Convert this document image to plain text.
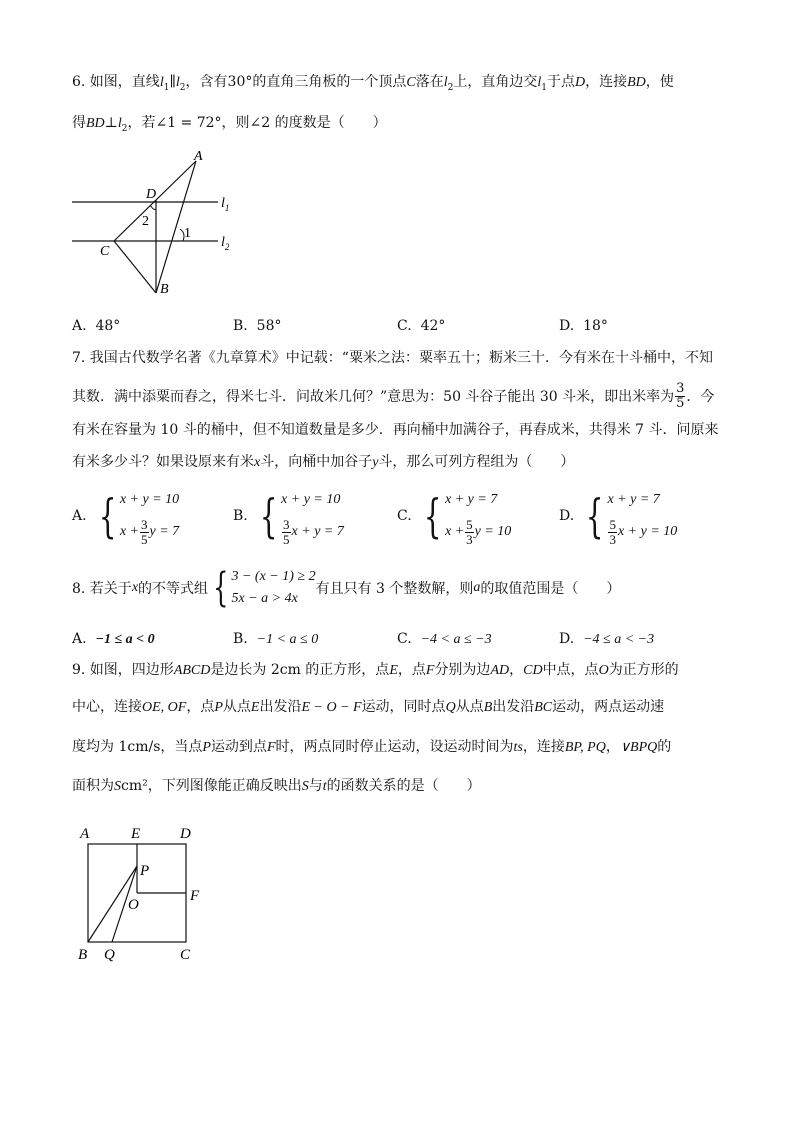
6. 如图，直线$l_1\parallel l_2$，含有30°的直角三角板的一个顶点C落在$l_2$上，直角边交$l_1$于点D，连接BD，使
得$BD\perp l_2$，若∠1 = 72°，则∠2 的度数是（　　）
A
D
2
1
C
B
$l_1$
$l_2$
A. 48°	B. 58°	C. 42°	D. 18°
7. 我国古代数学名著《九章算术》中记载：“粟米之法：粟率五十；粝米三十．今有米在十斗桶中，不知
其数．满中添粟而舂之，得米七斗．问故米几何？”意思为：50 斗谷子能出 30 斗米，即出米率为 $\frac{3}{5}$ ．今
有米在容量为 10 斗的桶中，但不知道数量是多少．再向桶中加满谷子，再舂成米，共得米 7 斗．问原来
有米多少斗？如果设原来有米x斗，向桶中加谷子y斗，那么可列方程组为（　　）
A. { x + y = 10
$x + \frac{3}{5}$ y = 7
B. { x + y = 10
$\frac{3}{5}$ x + y = 7
C. { x + y = 7
$x + \frac{5}{3}$ y = 10
D. { x + y = 7
$\frac{5}{3}$ x + y = 10
8. 若关于 x 的不等式组 { 3 − (x − 1) ≥ 2
5x − a > 4x
有且只有 3 个整数解，则 a 的取值范围是（　　）
A. −1 ≤ a < 0	B. −1 < a ≤ 0	C. −4 < a ≤ −3	D. −4 ≤ a < −3
9. 如图，四边形ABCD是边长为 2cm 的正方形，点E，点F分别为边AD，CD中点，点O为正方形的
中心，连接OE, OF，点P从点E出发沿E − O − F运动，同时点Q从点B出发沿BC运动，两点运动速
度均为 1cm/s，当点P运动到点F时，两点同时停止运动，设运动时间为ts，连接BP, PQ，∨BPQ的
面积为Scm²，下列图像能正确反映出S与t的函数关系的是（　　）
A	E	D
P
O
F
B Q	C
